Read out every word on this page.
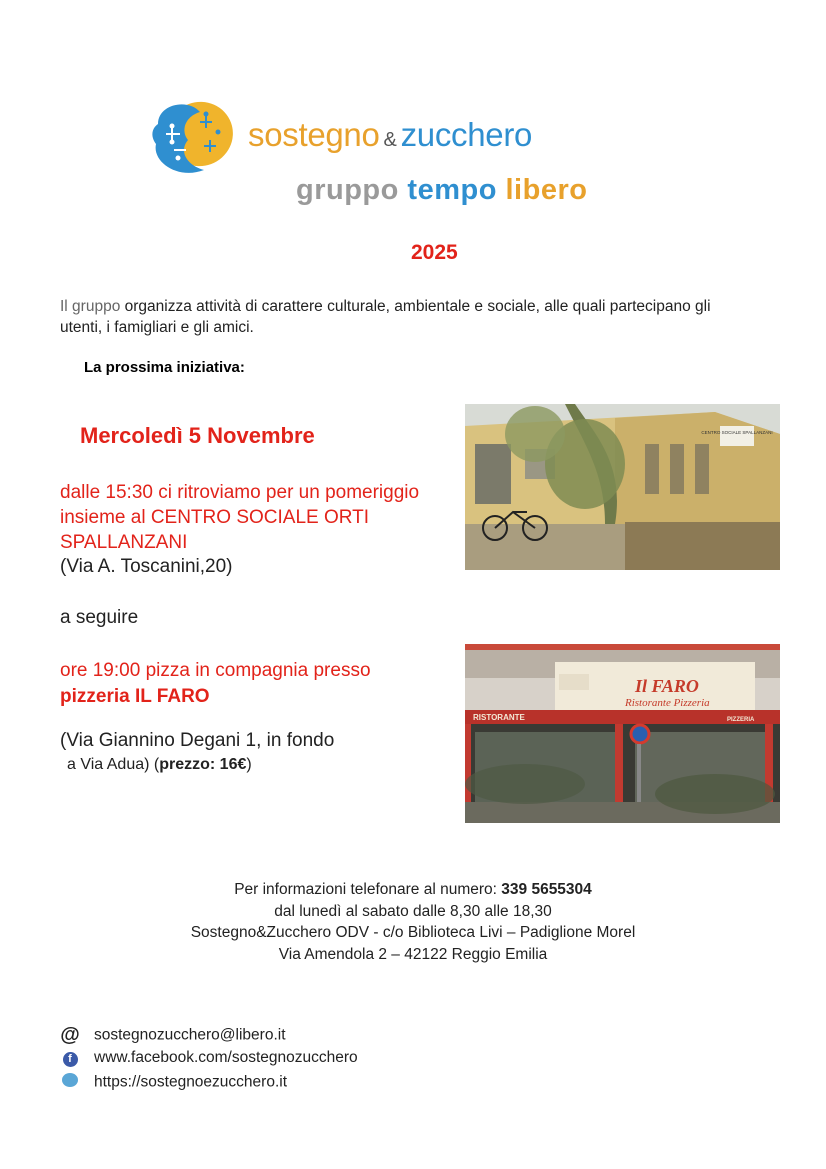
sostegno & zucchero
gruppo tempo libero
2025
Il gruppo organizza attività di carattere culturale, ambientale e sociale, alle quali partecipano gli utenti, i famigliari e gli amici.
La prossima iniziativa:
Mercoledì 5 Novembre
dalle 15:30 ci ritroviamo per un pomeriggio insieme al CENTRO SOCIALE ORTI SPALLANZANI
(Via A. Toscanini,20)
a seguire
ore 19:00 pizza in compagnia presso pizzeria IL FARO
(Via Giannino Degani 1, in fondo
a Via Adua) (prezzo: 16€)
CENTRO SOCIALE SPALLANZANI
Il FARO
Ristorante Pizzeria
RISTORANTE	PIZZERIA
Per informazioni telefonare al numero: 339 5655304
dal lunedì al sabato dalle 8,30 alle 18,30
Sostegno&Zucchero ODV - c/o Biblioteca Livi – Padiglione Morel
Via Amendola 2 – 42122 Reggio Emilia
@ sostegnozucchero@libero.it
f www.facebook.com/sostegnozucchero
https://sostegnoezucchero.it
